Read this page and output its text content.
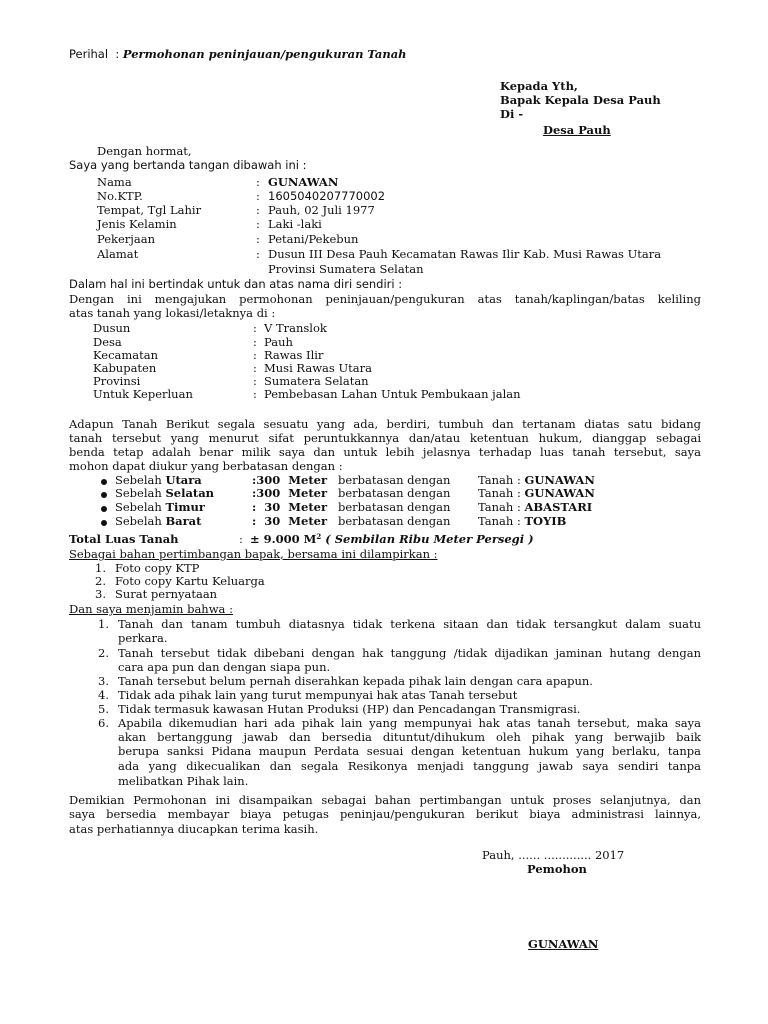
Perihal : Permohonan peninjauan/pengukuran Tanah
Kepada Yth,
Bapak Kepala Desa Pauh
Di -
Desa Pauh
Dengan hormat,
Saya yang bertanda tangan dibawah ini :
Nama	: GUNAWAN
No.KTP.	: 1605040207770002
Tempat, Tgl Lahir	: Pauh, 02 Juli 1977
Jenis Kelamin	: Laki -laki
Pekerjaan	: Petani/Pekebun
Alamat	: Dusun III Desa Pauh Kecamatan Rawas Ilir Kab. Musi Rawas Utara
Provinsi Sumatera Selatan
Dalam hal ini bertindak untuk dan atas nama diri sendiri :
Dengan ini mengajukan permohonan peninjauan/pengukuran atas tanah/kaplingan/batas keliling
atas tanah yang lokasi/letaknya di :
Dusun	: V Translok
Desa	: Pauh
Kecamatan	: Rawas Ilir
Kabupaten	: Musi Rawas Utara
Provinsi	: Sumatera Selatan
Untuk Keperluan	: Pembebasan Lahan Untuk Pembukaan jalan
Adapun Tanah Berikut segala sesuatu yang ada, berdiri, tumbuh dan tertanam diatas satu bidang
tanah tersebut yang menurut sifat peruntukkannya dan/atau ketentuan hukum, dianggap sebagai
benda tetap adalah benar milik saya dan untuk lebih jelasnya terhadap luas tanah tersebut, saya
mohon dapat diukur yang berbatasan dengan :
Sebelah Utara	:300 Meter berbatasan dengan Tanah : GUNAWAN
Sebelah Selatan	:300 Meter berbatasan dengan Tanah : GUNAWAN
Sebelah Timur	: 30 Meter berbatasan dengan Tanah : ABASTARI
Sebelah Barat	: 30 Meter berbatasan dengan Tanah : TOYIB
Total Luas Tanah	: ± 9.000 $M^2$ ( Sembilan Ribu Meter Persegi )
Sebagai bahan pertimbangan bapak, bersama ini dilampirkan :
1. Foto copy KTP
2. Foto copy Kartu Keluarga
3. Surat pernyataan
Dan saya menjamin bahwa :
1. Tanah dan tanam tumbuh diatasnya tidak terkena sitaan dan tidak tersangkut dalam suatu
perkara.
2. Tanah tersebut tidak dibebani dengan hak tanggung /tidak dijadikan jaminan hutang dengan
cara apa pun dan dengan siapa pun.
3. Tanah tersebut belum pernah diserahkan kepada pihak lain dengan cara apapun.
4. Tidak ada pihak lain yang turut mempunyai hak atas Tanah tersebut
5. Tidak termasuk kawasan Hutan Produksi (HP) dan Pencadangan Transmigrasi.
6. Apabila dikemudian hari ada pihak lain yang mempunyai hak atas tanah tersebut, maka saya
akan bertanggung jawab dan bersedia dituntut/dihukum oleh pihak yang berwajib baik
berupa sanksi Pidana maupun Perdata sesuai dengan ketentuan hukum yang berlaku, tanpa
ada yang dikecualikan dan segala Resikonya menjadi tanggung jawab saya sendiri tanpa
melibatkan Pihak lain.
Demikian Permohonan ini disampaikan sebagai bahan pertimbangan untuk proses selanjutnya, dan
saya bersedia membayar biaya petugas peninjau/pengukuran berikut biaya administrasi lainnya,
atas perhatiannya diucapkan terima kasih.
Pauh, ...... ............. 2017
Pemohon
GUNAWAN
